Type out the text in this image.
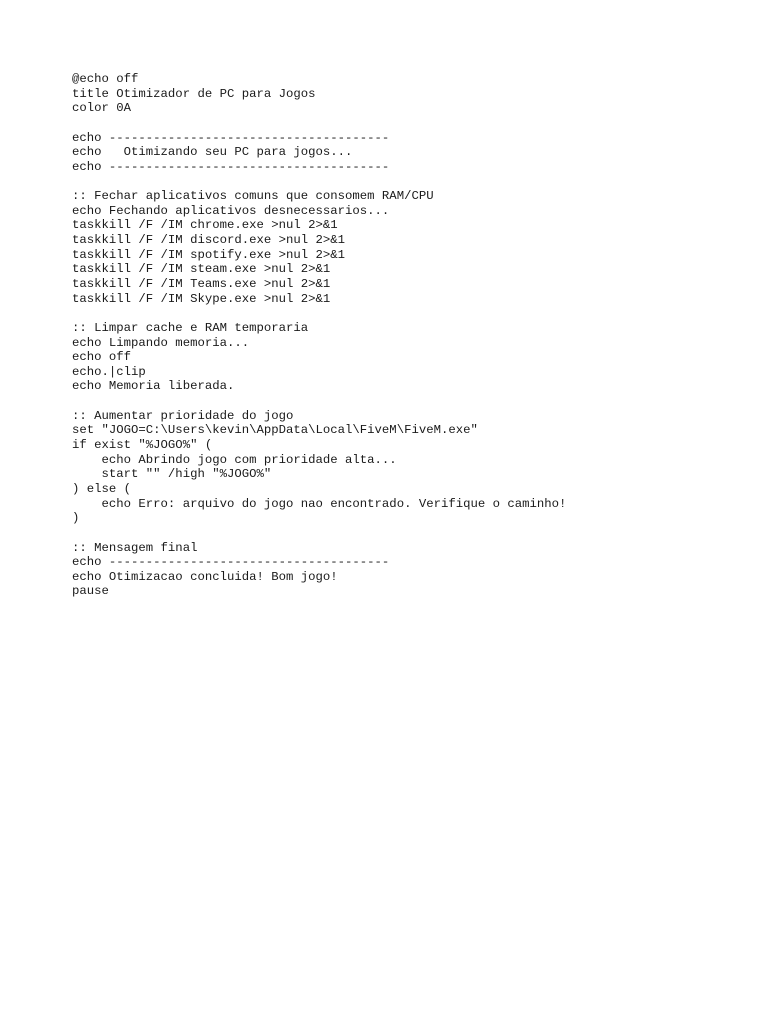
@echo off
title Otimizador de PC para Jogos
color 0A
echo --------------------------------------
echo   Otimizando seu PC para jogos...
echo --------------------------------------
:: Fechar aplicativos comuns que consomem RAM/CPU
echo Fechando aplicativos desnecessarios...
taskkill /F /IM chrome.exe >nul 2>&1
taskkill /F /IM discord.exe >nul 2>&1
taskkill /F /IM spotify.exe >nul 2>&1
taskkill /F /IM steam.exe >nul 2>&1
taskkill /F /IM Teams.exe >nul 2>&1
taskkill /F /IM Skype.exe >nul 2>&1
:: Limpar cache e RAM temporaria
echo Limpando memoria...
echo off
echo.|clip
echo Memoria liberada.
:: Aumentar prioridade do jogo
set "JOGO=C:\Users\kevin\AppData\Local\FiveM\FiveM.exe"
if exist "%JOGO%" (
echo Abrindo jogo com prioridade alta...
start "" /high "%JOGO%"
) else (
echo Erro: arquivo do jogo nao encontrado. Verifique o caminho!
)
:: Mensagem final
echo --------------------------------------
echo Otimizacao concluida! Bom jogo!
pause
